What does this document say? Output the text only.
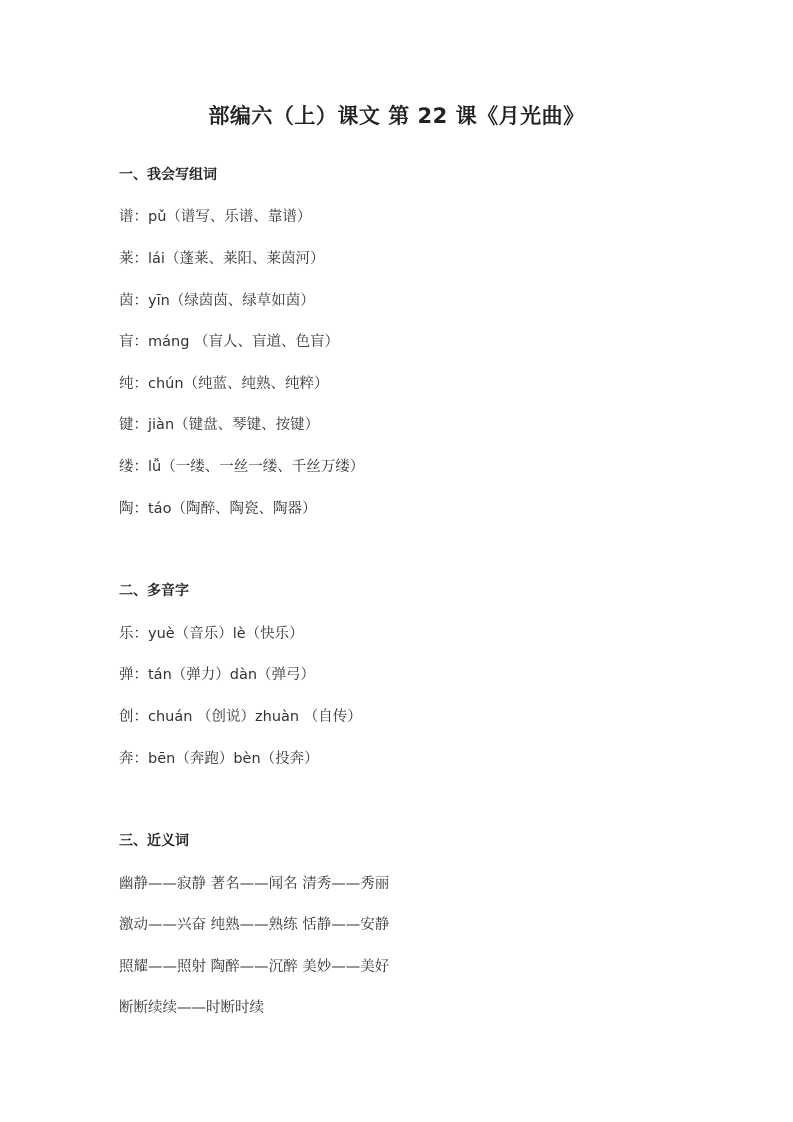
部编六（上）课文 第 22 课《月光曲》
一、我会写组词
谱：pǔ（谱写、乐谱、靠谱）
莱：lái（蓬莱、莱阳、莱茵河）
茵：yīn（绿茵茵、绿草如茵）
盲：máng （盲人、盲道、色盲）
纯：chún（纯蓝、纯熟、纯粹）
键：jiàn（键盘、琴键、按键）
缕：lǚ（一缕、一丝一缕、千丝万缕）
陶：táo（陶醉、陶瓷、陶器）
二、多音字
乐：yuè（音乐）lè（快乐）
弹：tán（弹力）dàn（弹弓）
创：chuán （创说）zhuàn （自传）
奔：bēn（奔跑）bèn（投奔）
三、近义词
幽静——寂静 著名——闻名 清秀——秀丽
激动——兴奋 纯熟——熟练 恬静——安静
照耀——照射 陶醉——沉醉 美妙——美好
断断续续——时断时续
